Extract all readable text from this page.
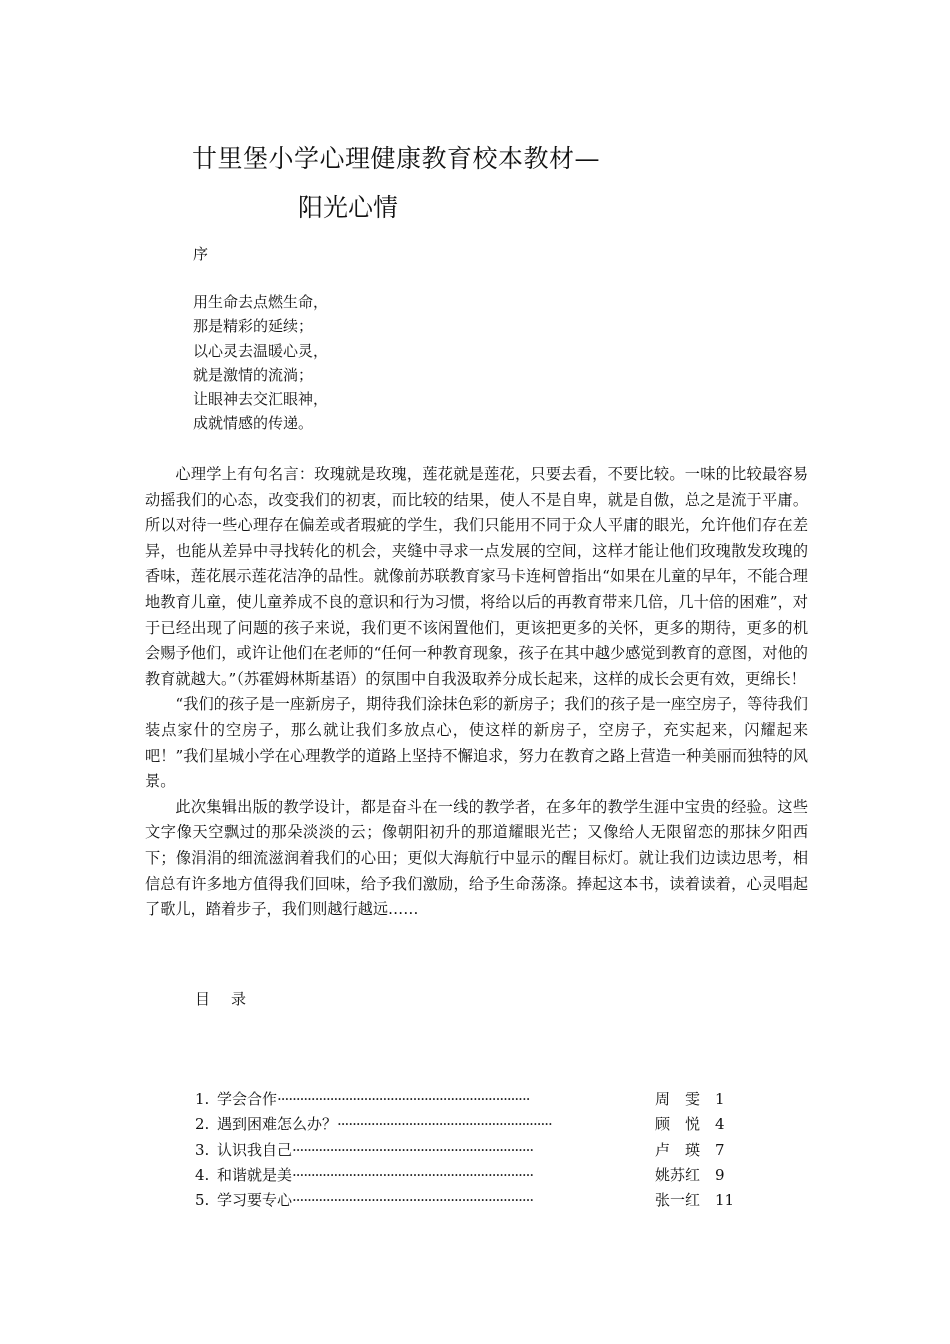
廿里堡小学心理健康教育校本教材—
阳光心情
序
用生命去点燃生命，
那是精彩的延续；
以心灵去温暖心灵，
就是激情的流淌；
让眼神去交汇眼神，
成就情感的传递。

心理学上有句名言：玫瑰就是玫瑰，莲花就是莲花，只要去看，不要比较。一味的比较最容易动摇我们的心态，改变我们的初衷，而比较的结果，使人不是自卑，就是自傲，总之是流于平庸。所以对待一些心理存在偏差或者瑕疵的学生，我们只能用不同于众人平庸的眼光，允许他们存在差异，也能从差异中寻找转化的机会，夹缝中寻求一点发展的空间，这样才能让他们玫瑰散发玫瑰的香味，莲花展示莲花洁净的品性。就像前苏联教育家马卡连柯曾指出“如果在儿童的早年，不能合理地教育儿童，使儿童养成不良的意识和行为习惯，将给以后的再教育带来几倍，几十倍的困难”，对于已经出现了问题的孩子来说，我们更不该闲置他们，更该把更多的关怀，更多的期待，更多的机会赐予他们，或许让他们在老师的“任何一种教育现象，孩子在其中越少感觉到教育的意图，对他的教育就越大。”（苏霍姆林斯基语）的氛围中自我汲取养分成长起来，这样的成长会更有效，更绵长！

“我们的孩子是一座新房子，期待我们涂抹色彩的新房子；我们的孩子是一座空房子，等待我们装点家什的空房子，那么就让我们多放点心，使这样的新房子，空房子，充实起来，闪耀起来吧！”我们星城小学在心理教学的道路上坚持不懈追求，努力在教育之路上营造一种美丽而独特的风景。

此次集辑出版的教学设计，都是奋斗在一线的教学者，在多年的教学生涯中宝贵的经验。这些文字像天空飘过的那朵淡淡的云；像朝阳初升的那道耀眼光芒；又像给人无限留恋的那抹夕阳西下；像涓涓的细流滋润着我们的心田；更似大海航行中显示的醒目标灯。就让我们边读边思考，相信总有许多地方值得我们回味，给予我们激励，给予生命荡涤。捧起这本书，读着读着，心灵唱起了歌儿，踏着步子，我们则越行越远……

目 录
1. 学会合作 ···································································	周　雯 1
2. 遇到困难怎么办？ ·························································	顾　悦 4
3. 认识我自己 ································································	卢　瑛 7
4. 和谐就是美 ································································	姚苏红 9
5. 学习要专心 ································································	张一红 11
